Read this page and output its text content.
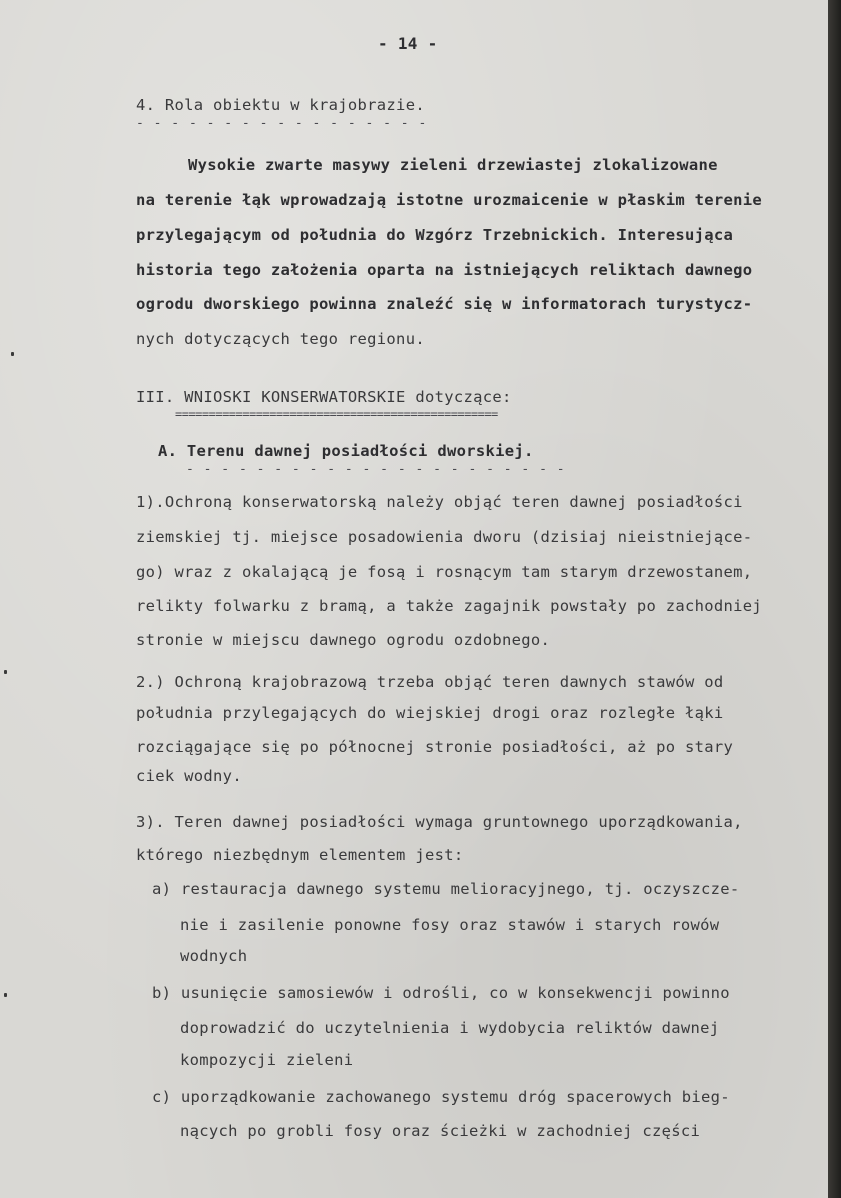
- 14 -
4. Rola obiektu w krajobrazie.
- - - - - - - - - - - - - - - - -
Wysokie zwarte masywy zieleni drzewiastej zlokalizowane
na terenie łąk wprowadzają istotne urozmaicenie w płaskim terenie
przylegającym od południa do Wzgórz Trzebnickich. Interesująca
historia tego założenia oparta na istniejących reliktach dawnego
ogrodu dworskiego powinna znaleźć się w informatorach turystycz-
nych dotyczących tego regionu.
III. WNIOSKI KONSERWATORSKIE dotyczące:
================================================
A. Terenu dawnej posiadłości dworskiej.
- - - - - - - - - - - - - - - - - - - - - -
1).Ochroną konserwatorską należy objąć teren dawnej posiadłości
ziemskiej tj. miejsce posadowienia dworu (dzisiaj nieistniejące-
go) wraz z okalającą je fosą i rosnącym tam starym drzewostanem,
relikty folwarku z bramą, a także zagajnik powstały po zachodniej
stronie w miejscu dawnego ogrodu ozdobnego.
2.) Ochroną krajobrazową trzeba objąć teren dawnych stawów od
południa przylegających do wiejskiej drogi oraz rozległe łąki
rozciągające się po północnej stronie posiadłości, aż po stary
ciek wodny.
3). Teren dawnej posiadłości wymaga gruntownego uporządkowania,
którego niezbędnym elementem jest:
a) restauracja dawnego systemu melioracyjnego, tj. oczyszcze-
nie i zasilenie ponowne fosy oraz stawów i starych rowów
wodnych
b) usunięcie samosiewów i odrośli, co w konsekwencji powinno
doprowadzić do uczytelnienia i wydobycia reliktów dawnej
kompozycji zieleni
c) uporządkowanie zachowanego systemu dróg spacerowych bieg-
nących po grobli fosy oraz ścieżki w zachodniej części
